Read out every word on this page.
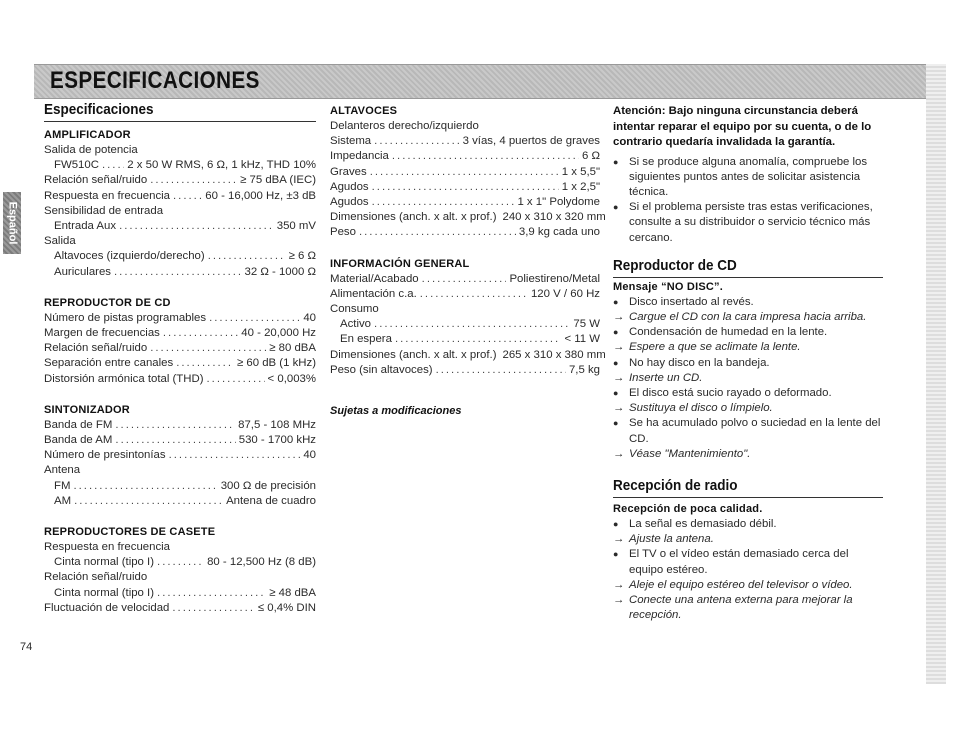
ESPECIFICACIONES
Español
Especificaciones
AMPLIFICADOR
Salida de potencia
FW510C ..... 2 x 50 W RMS, 6 Ω, 1 kHz, THD 10%
Relación señal/ruido .....	≥ 75 dBA (IEC)
Respuesta en frecuencia .....	60 - 16,000 Hz, ±3 dB
Sensibilidad de entrada
Entrada Aux .....	350 mV
Salida
Altavoces (izquierdo/derecho) .....	≥ 6 Ω
Auriculares .....	32 Ω - 1000 Ω
REPRODUCTOR DE CD
Número de pistas programables .....	40
Margen de frecuencias .....	40 - 20,000 Hz
Relación señal/ruido .....	≥ 80 dBA
Separación entre canales .....	≥ 60 dB (1 kHz)
Distorsión armónica total (THD) .....	< 0,003%
SINTONIZADOR
Banda de FM .....	87,5 - 108 MHz
Banda de AM .....	530 - 1700 kHz
Número de presintonías .....	40
Antena
FM .....	300 Ω de precisión
AM .....	Antena de cuadro
REPRODUCTORES DE CASETE
Respuesta en frecuencia
Cinta normal (tipo I) .....	80 - 12,500 Hz (8 dB)
Relación señal/ruido
Cinta normal (tipo I) .....	≥ 48 dBA
Fluctuación de velocidad .....	≤ 0,4% DIN
ALTAVOCES
Delanteros derecho/izquierdo
Sistema .....	3 vías, 4 puertos de graves
Impedancia .....	6 Ω
Graves .....	1 x 5,5"
Agudos .....	1 x 2,5"
Agudos .....	1 x 1" Polydome
Dimensiones (anch. x alt. x prof.) 240 x 310 x 320 mm
Peso .....	3,9 kg cada uno
INFORMACIÓN GENERAL
Material/Acabado .....	Poliestireno/Metal
Alimentación c.a. .....	120 V / 60 Hz
Consumo
Activo .....	75 W
En espera .....	< 11 W
Dimensiones (anch. x alt. x prof.) 265 x 310 x 380 mm
Peso (sin altavoces) .....	7,5 kg
Sujetas a modificaciones
Atención: Bajo ninguna circunstancia deberá intentar reparar el equipo por su cuenta, o de lo contrario quedaría invalidada la garantía.
● Si se produce alguna anomalía, compruebe los siguientes puntos antes de solicitar asistencia técnica.
● Si el problema persiste tras estas verificaciones, consulte a su distribuidor o servicio técnico más cercano.
Reproductor de CD
Mensaje “NO DISC”.
● Disco insertado al revés.
→ Cargue el CD con la cara impresa hacia arriba.
● Condensación de humedad en la lente.
→ Espere a que se aclimate la lente.
● No hay disco en la bandeja.
→ Inserte un CD.
● El disco está sucio rayado o deformado.
→ Sustituya el disco o límpielo.
● Se ha acumulado polvo o suciedad en la lente del CD.
→ Véase "Mantenimiento".
Recepción de radio
Recepción de poca calidad.
● La señal es demasiado débil.
→ Ajuste la antena.
● El TV o el vídeo están demasiado cerca del equipo estéreo.
→ Aleje el equipo estéreo del televisor o vídeo.
→ Conecte una antena externa para mejorar la recepción.
74
